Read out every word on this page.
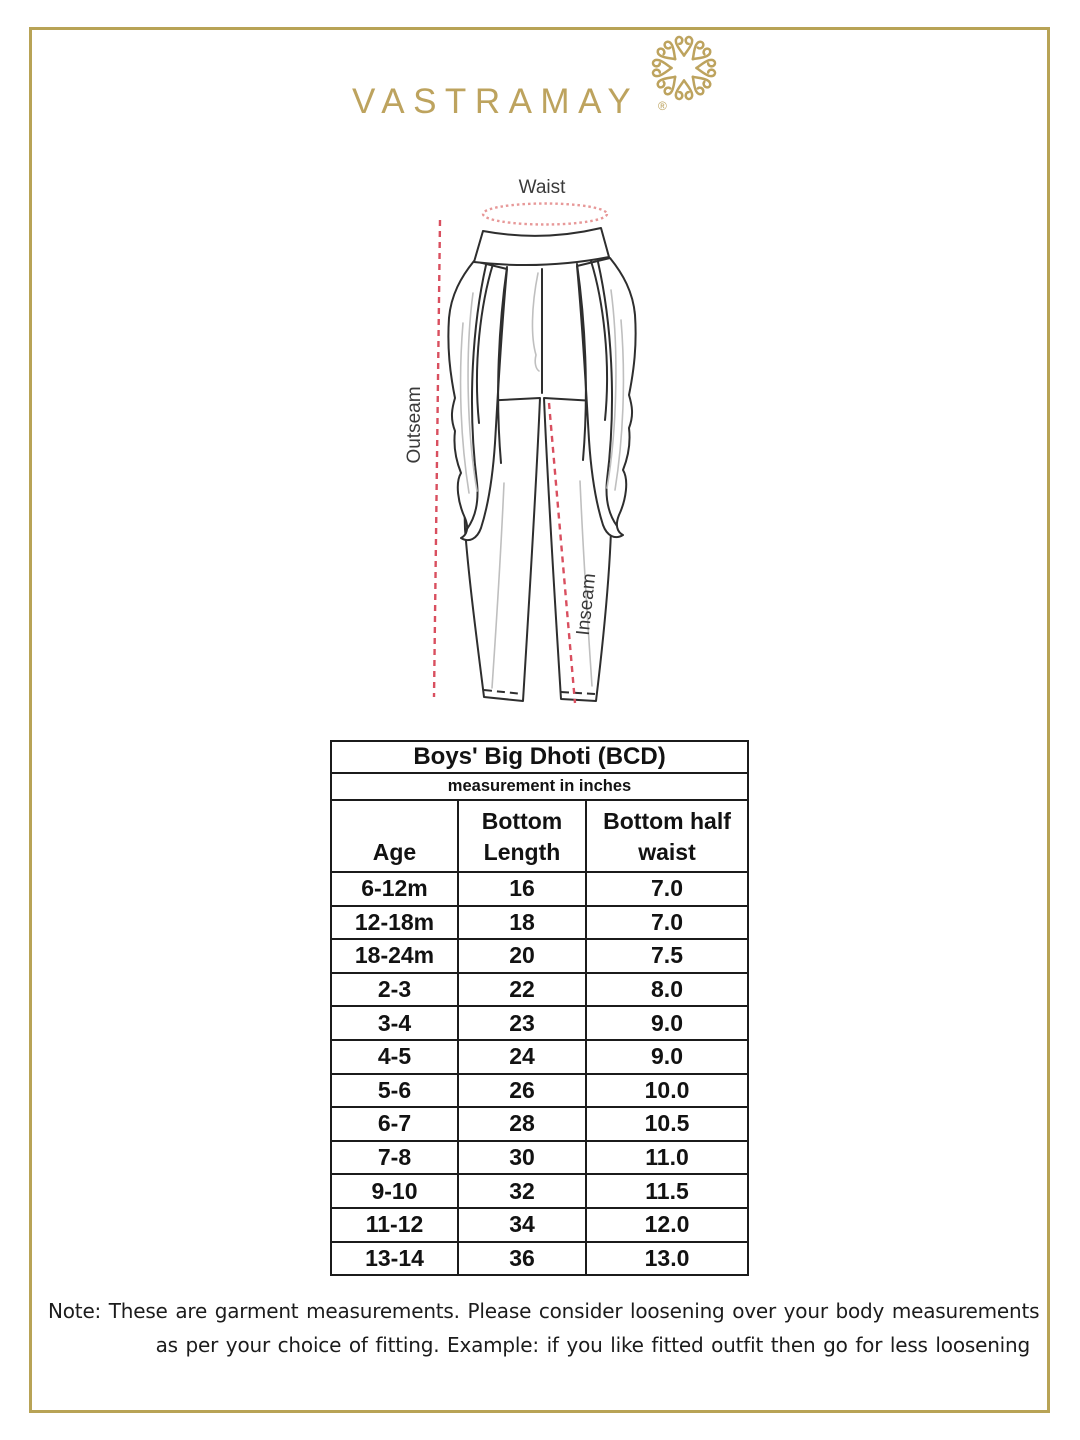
VASTRAMAY ®
Waist
Outseam
Inseam
Boys' Big Dhoti (BCD)		
measurement in inches		
Age	Bottom Length	Bottom half waist
6-12m	16	7.0
12-18m	18	7.0
18-24m	20	7.5
2-3	22	8.0
3-4	23	9.0
4-5	24	9.0
5-6	26	10.0
6-7	28	10.5
7-8	30	11.0
9-10	32	11.5
11-12	34	12.0
13-14	36	13.0
Note: These are garment measurements. Please consider loosening over your body measurements
as per your choice of fitting. Example: if you like fitted outfit then go for less loosening
